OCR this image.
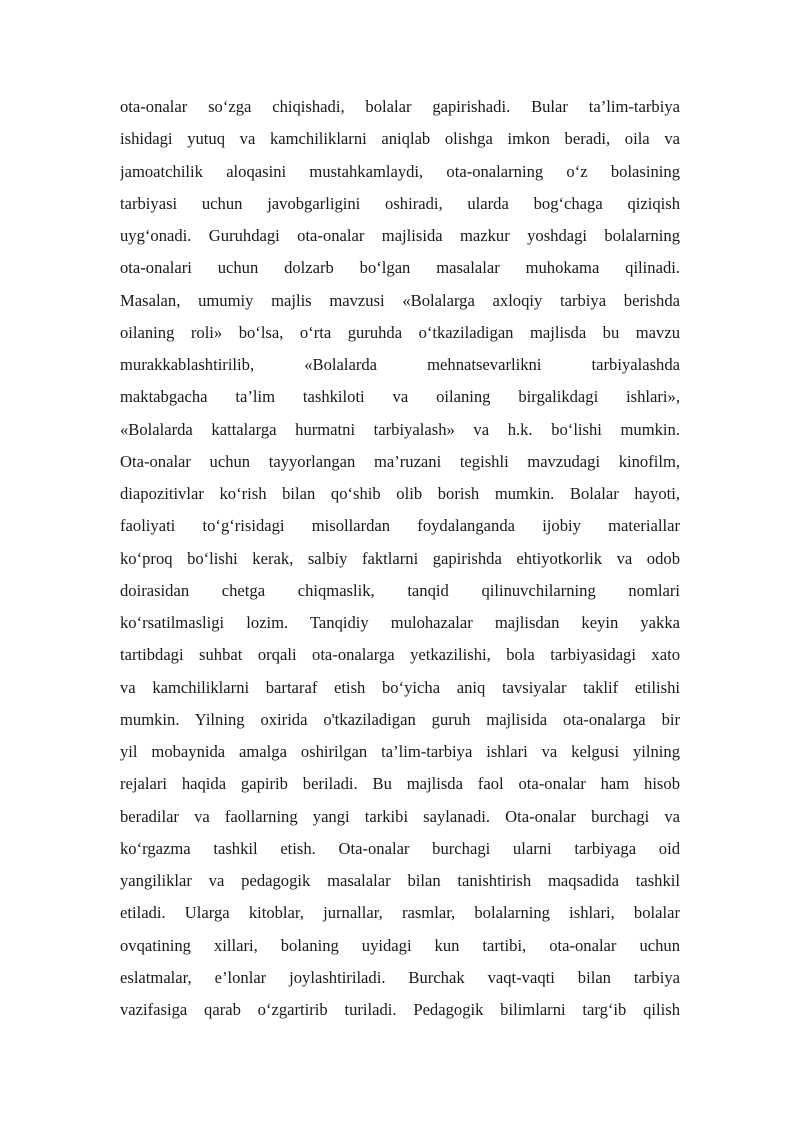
ota-onalar so‘zga chiqishadi, bolalar gapirishadi. Bular ta’lim-tarbiya
ishidagi yutuq va kamchiliklarni aniqlab olishga imkon beradi, oila va
jamoatchilik aloqasini mustahkamlaydi, ota-onalarning o‘z bolasining
tarbiyasi uchun javobgarligini oshiradi, ularda bog‘chaga qiziqish
uyg‘onadi. Guruhdagi ota-onalar majlisida mazkur yoshdagi bolalarning
ota-onalari uchun dolzarb bo‘lgan masalalar muhokama qilinadi.
Masalan, umumiy majlis mavzusi «Bolalarga axloqiy tarbiya berishda
oilaning roli» bo‘lsa, o‘rta guruhda o‘tkaziladigan majlisda bu mavzu
murakkablashtirilib, «Bolalarda mehnatsevarlikni tarbiyalashda
maktabgacha ta’lim tashkiloti va oilaning birgalikdagi ishlari»,
«Bolalarda kattalarga hurmatni tarbiyalash» va h.k. bo‘lishi mumkin.
Ota-onalar uchun tayyorlangan ma’ruzani tegishli mavzudagi kinofilm,
diapozitivlar ko‘rish bilan qo‘shib olib borish mumkin. Bolalar hayoti,
faoliyati to‘g‘risidagi misollardan foydalanganda ijobiy materiallar
ko‘proq bo‘lishi kerak, salbiy faktlarni gapirishda ehtiyotkorlik va odob
doirasidan chetga chiqmaslik, tanqid qilinuvchilarning nomlari
ko‘rsatilmasligi lozim. Tanqidiy mulohazalar majlisdan keyin yakka
tartibdagi suhbat orqali ota-onalarga yetkazilishi, bola tarbiyasidagi xato
va kamchiliklarni bartaraf etish bo‘yicha aniq tavsiyalar taklif etilishi
mumkin. Yilning oxirida o'tkaziladigan guruh majlisida ota-onalarga bir
yil mobaynida amalga oshirilgan ta’lim-tarbiya ishlari va kelgusi yilning
rejalari haqida gapirib beriladi. Bu majlisda faol ota-onalar ham hisob
beradilar va faollarning yangi tarkibi saylanadi. Ota-onalar burchagi va
ko‘rgazma tashkil etish. Ota-onalar burchagi ularni tarbiyaga oid
yangiliklar va pedagogik masalalar bilan tanishtirish maqsadida tashkil
etiladi. Ularga kitoblar, jurnallar, rasmlar, bolalarning ishlari, bolalar
ovqatining xillari, bolaning uyidagi kun tartibi, ota-onalar uchun
eslatmalar, e’lonlar joylashtiriladi. Burchak vaqt-vaqti bilan tarbiya
vazifasiga qarab o‘zgartirib turiladi. Pedagogik bilimlarni targ‘ib qilish
